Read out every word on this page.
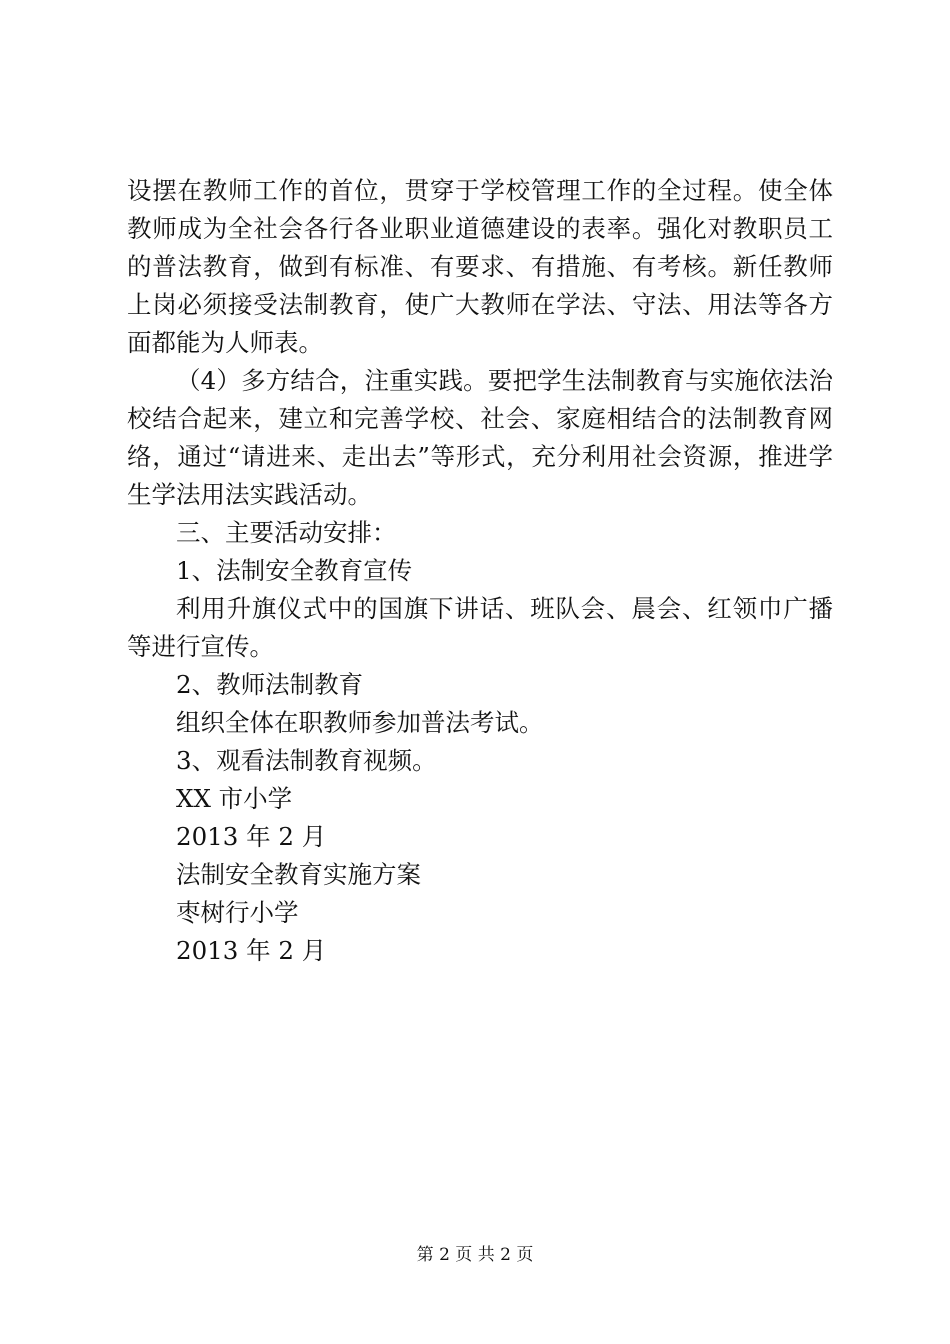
设摆在教师工作的首位，贯穿于学校管理工作的全过程。使全体教师成为全社会各行各业职业道德建设的表率。强化对教职员工的普法教育，做到有标准、有要求、有措施、有考核。新任教师上岗必须接受法制教育，使广大教师在学法、守法、用法等各方面都能为人师表。

（4）多方结合，注重实践。要把学生法制教育与实施依法治校结合起来，建立和完善学校、社会、家庭相结合的法制教育网络，通过“请进来、走出去”等形式，充分利用社会资源，推进学生学法用法实践活动。

三、主要活动安排：

1、法制安全教育宣传

利用升旗仪式中的国旗下讲话、班队会、晨会、红领巾广播等进行宣传。

2、教师法制教育

组织全体在职教师参加普法考试。

3、观看法制教育视频。

XX 市小学

2013 年 2 月

法制安全教育实施方案

枣树行小学

2013 年 2 月

第 2 页 共 2 页
